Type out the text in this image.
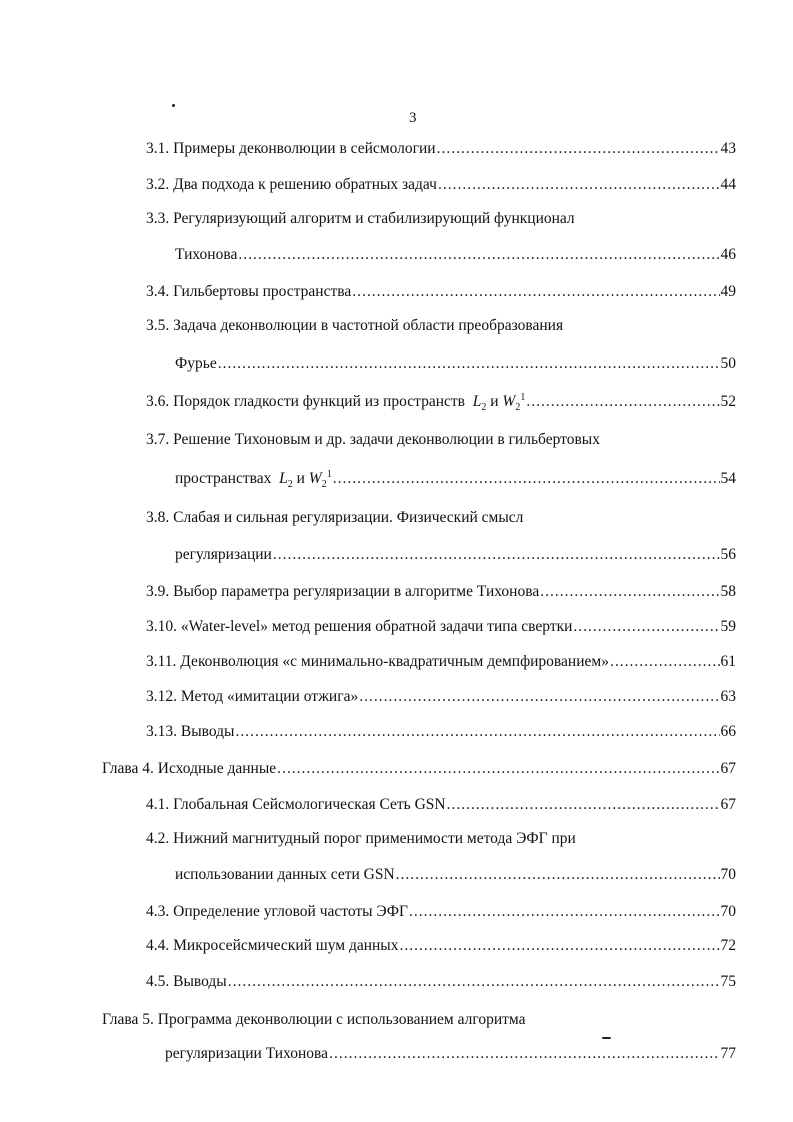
3
3.1. Примеры деконволюции в сейсмологии .....	43
3.2. Два подхода к решению обратных задач .....	44
3.3. Регуляризующий алгоритм и стабилизирующий функционал
Тихонова .....	46
3.4. Гильбертовы пространства .....	49
3.5. Задача деконволюции в частотной области преобразования
Фурье .....	50
3.6. Порядок гладкости функций из пространств $L_2$ и $W_2^1$ .....	52
3.7. Решение Тихоновым и др. задачи деконволюции в гильбертовых
пространствах $L_2$ и $W_2^1$ .....	54
3.8. Слабая и сильная регуляризации. Физический смысл
регуляризации .....	56
3.9. Выбор параметра регуляризации в алгоритме Тихонова .....	58
3.10. «Water-level» метод решения обратной задачи типа свертки .....	59
3.11. Деконволюция «с минимально-квадратичным демпфированием» .....	61
3.12. Метод «имитации отжига» .....	63
3.13. Выводы .....	66
Глава 4. Исходные данные .....	67
4.1. Глобальная Сейсмологическая Сеть GSN .....	67
4.2. Нижний магнитудный порог применимости метода ЭФГ при
использовании данных сети GSN .....	70
4.3. Определение угловой частоты ЭФГ .....	70
4.4. Микросейсмический шум данных .....	72
4.5. Выводы .....	75
Глава 5. Программа деконволюции с использованием алгоритма
регуляризации Тихонова .....	77
